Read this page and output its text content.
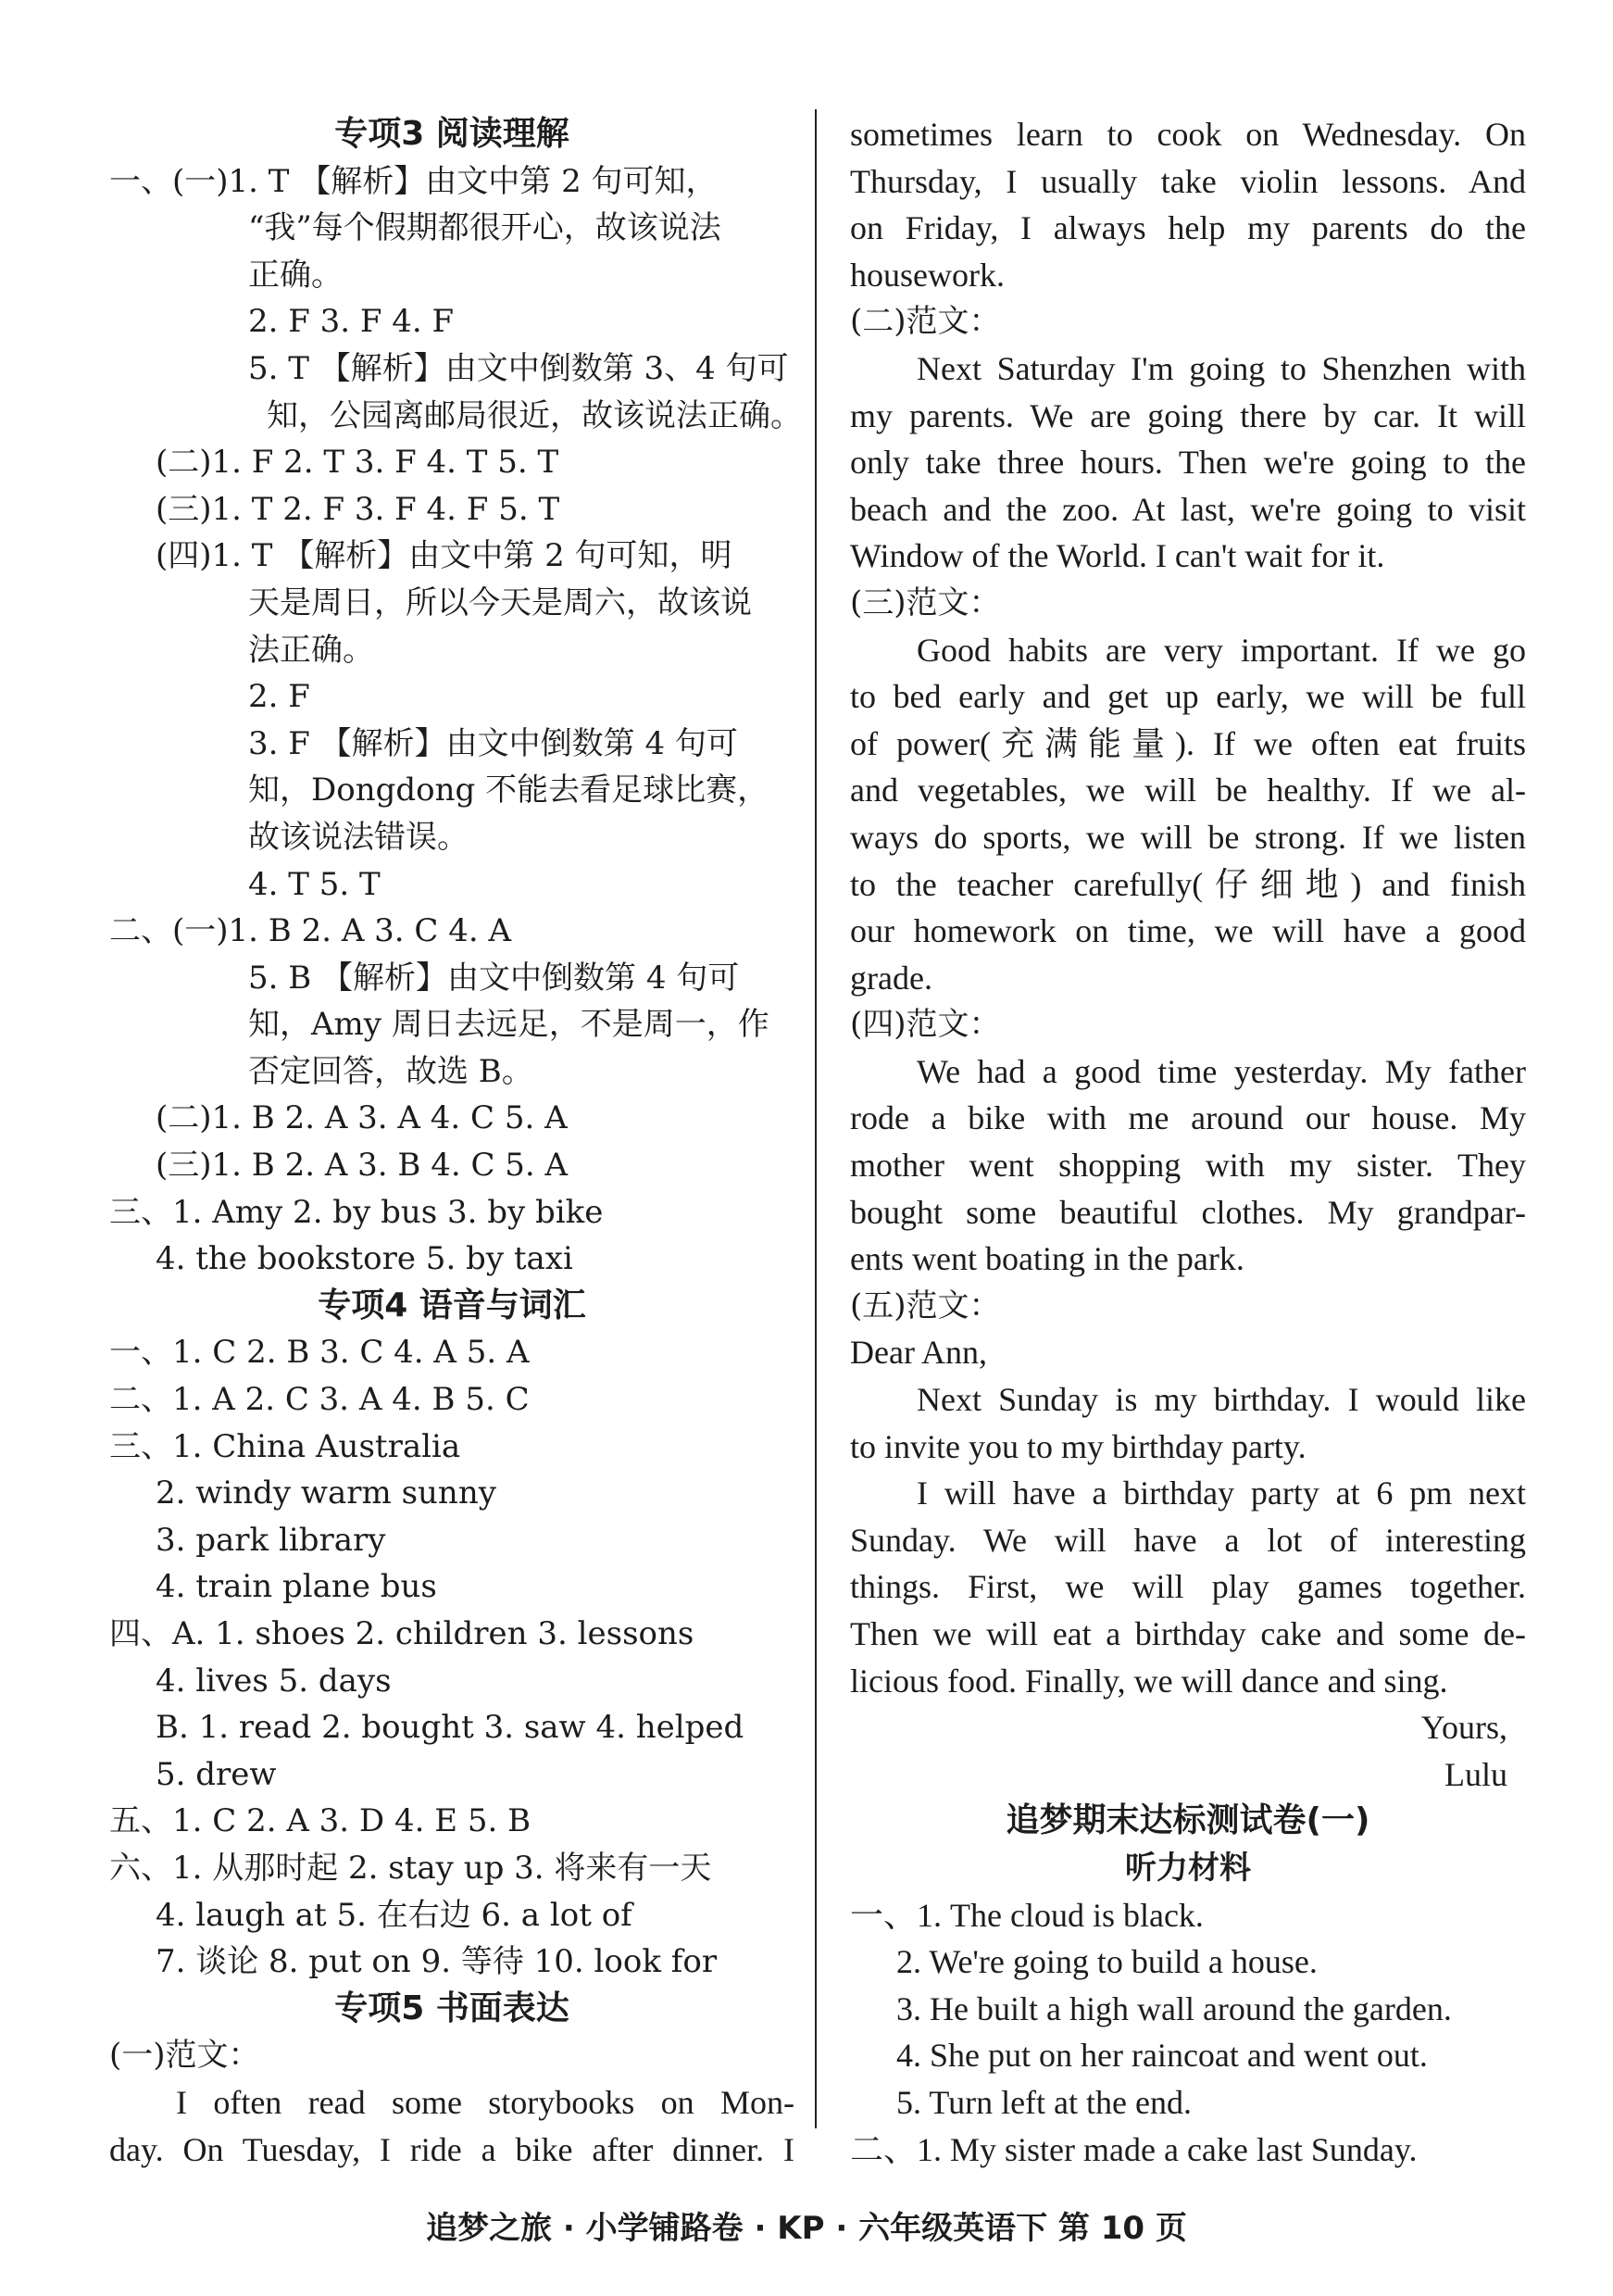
专项3 阅读理解
一、(一)1. T 【解析】由文中第 2 句可知，
“我”每个假期都很开心，故该说法
正确。
2. F 3. F 4. F
5. T 【解析】由文中倒数第 3、4 句可
知，公园离邮局很近，故该说法正确。
(二)1. F 2. T 3. F 4. T 5. T
(三)1. T 2. F 3. F 4. F 5. T
(四)1. T 【解析】由文中第 2 句可知，明
天是周日，所以今天是周六，故该说
法正确。
2. F
3. F 【解析】由文中倒数第 4 句可
知，Dongdong 不能去看足球比赛，
故该说法错误。
4. T 5. T
二、(一)1. B 2. A 3. C 4. A
5. B 【解析】由文中倒数第 4 句可
知，Amy 周日去远足，不是周一，作
否定回答，故选 B。
(二)1. B 2. A 3. A 4. C 5. A
(三)1. B 2. A 3. B 4. C 5. A
三、1. Amy 2. by bus 3. by bike
4. the bookstore 5. by taxi
专项4 语音与词汇
一、1. C 2. B 3. C 4. A 5. A
二、1. A 2. C 3. A 4. B 5. C
三、1. China Australia
2. windy warm sunny
3. park library
4. train plane bus
四、A. 1. shoes 2. children 3. lessons
4. lives 5. days
B. 1. read 2. bought 3. saw 4. helped
5. drew
五、1. C 2. A 3. D 4. E 5. B
六、1. 从那时起 2. stay up 3. 将来有一天
4. laugh at 5. 在右边 6. a lot of
7. 谈论 8. put on 9. 等待 10. look for
专项5 书面表达
(一)范文：
I often read some storybooks on Mon-
day. On Tuesday, I ride a bike after dinner. I
sometimes learn to cook on Wednesday. On
Thursday, I usually take violin lessons. And
on Friday, I always help my parents do the
housework.
(二)范文：
Next Saturday I'm going to Shenzhen with
my parents. We are going there by car. It will
only take three hours. Then we're going to the
beach and the zoo. At last, we're going to visit
Window of the World. I can't wait for it.
(三)范文：
Good habits are very important. If we go
to bed early and get up early, we will be full
of power(充满能量). If we often eat fruits
and vegetables, we will be healthy. If we al-
ways do sports, we will be strong. If we listen
to the teacher carefully(仔细地) and finish
our homework on time, we will have a good
grade.
(四)范文：
We had a good time yesterday. My father
rode a bike with me around our house. My
mother went shopping with my sister. They
bought some beautiful clothes. My grandpar-
ents went boating in the park.
(五)范文：
Dear Ann,
Next Sunday is my birthday. I would like
to invite you to my birthday party.
I will have a birthday party at 6 pm next
Sunday. We will have a lot of interesting
things. First, we will play games together.
Then we will eat a birthday cake and some de-
licious food. Finally, we will dance and sing.
Yours,
Lulu
追梦期末达标测试卷(一)
听力材料
一、1. The cloud is black.
2. We're going to build a house.
3. He built a high wall around the garden.
4. She put on her raincoat and went out.
5. Turn left at the end.
二、1. My sister made a cake last Sunday.
追梦之旅 · 小学铺路卷 · KP · 六年级英语下 第 10 页
